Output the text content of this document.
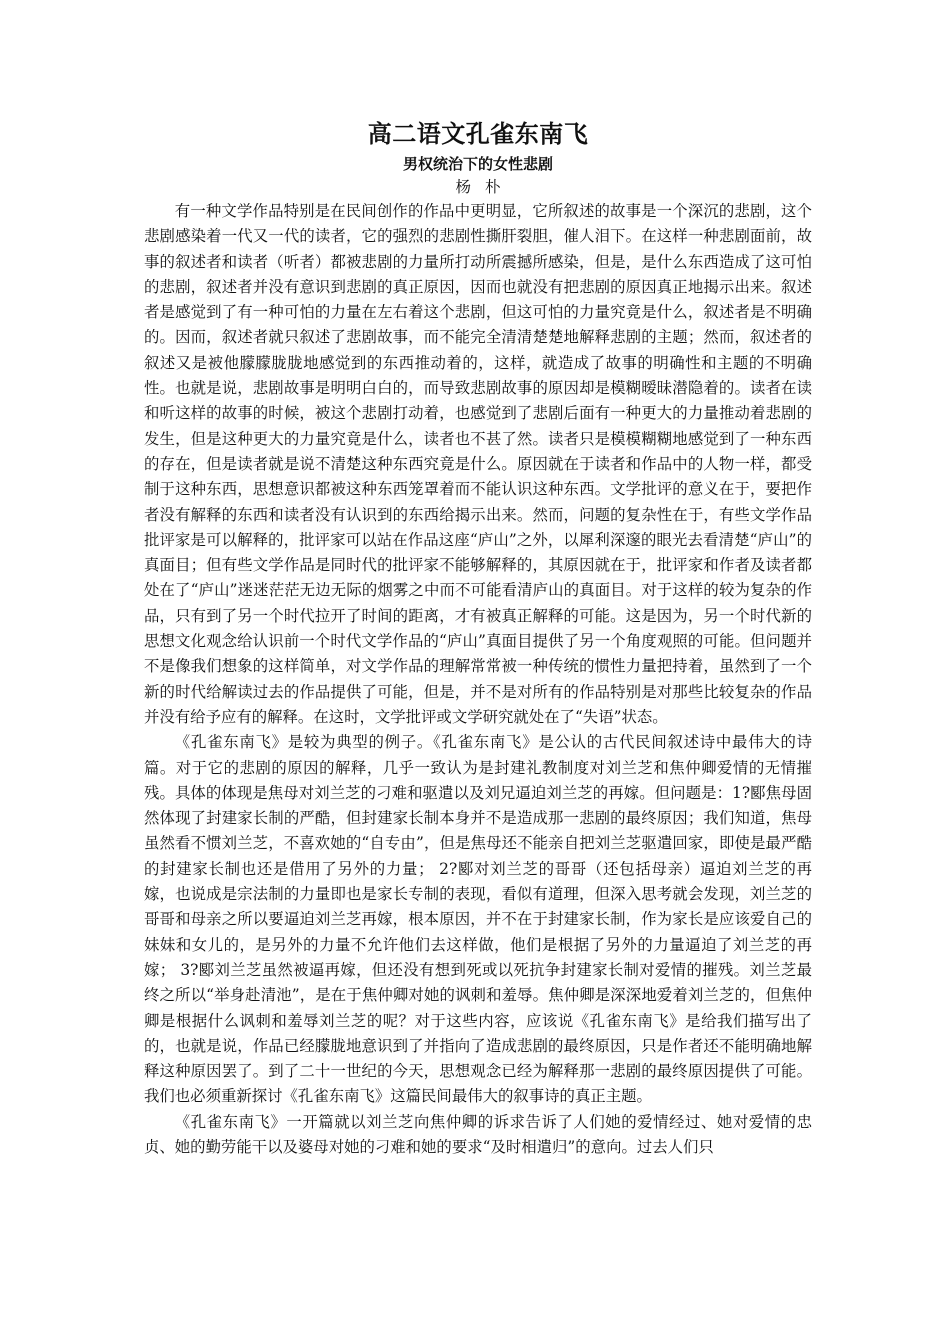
高二语文孔雀东南飞
男权统治下的女性悲剧
杨朴

有一种文学作品特别是在民间创作的作品中更明显，它所叙述的故事是一个深沉的悲剧，这个悲剧感染着一代又一代的读者，它的强烈的悲剧性撕肝裂胆，催人泪下。在这样一种悲剧面前，故事的叙述者和读者（听者）都被悲剧的力量所打动所震撼所感染，但是，是什么东西造成了这可怕的悲剧，叙述者并没有意识到悲剧的真正原因，因而也就没有把悲剧的原因真正地揭示出来。叙述者是感觉到了有一种可怕的力量在左右着这个悲剧，但这可怕的力量究竟是什么，叙述者是不明确的。因而，叙述者就只叙述了悲剧故事，而不能完全清清楚楚地解释悲剧的主题；然而，叙述者的叙述又是被他朦朦胧胧地感觉到的东西推动着的，这样，就造成了故事的明确性和主题的不明确性。也就是说，悲剧故事是明明白白的，而导致悲剧故事的原因却是模糊暧昧潜隐着的。读者在读和听这样的故事的时候，被这个悲剧打动着，也感觉到了悲剧后面有一种更大的力量推动着悲剧的发生，但是这种更大的力量究竟是什么，读者也不甚了然。读者只是模模糊糊地感觉到了一种东西的存在，但是读者就是说不清楚这种东西究竟是什么。原因就在于读者和作品中的人物一样，都受制于这种东西，思想意识都被这种东西笼罩着而不能认识这种东西。文学批评的意义在于，要把作者没有解释的东西和读者没有认识到的东西给揭示出来。然而，问题的复杂性在于，有些文学作品批评家是可以解释的，批评家可以站在作品这座“庐山”之外，以犀利深邃的眼光去看清楚“庐山”的真面目；但有些文学作品是同时代的批评家不能够解释的，其原因就在于，批评家和作者及读者都处在了“庐山”迷迷茫茫无边无际的烟雾之中而不可能看清庐山的真面目。对于这样的较为复杂的作品，只有到了另一个时代拉开了时间的距离，才有被真正解释的可能。这是因为，另一个时代新的思想文化观念给认识前一个时代文学作品的“庐山”真面目提供了另一个角度观照的可能。但问题并不是像我们想象的这样简单，对文学作品的理解常常被一种传统的惯性力量把持着，虽然到了一个新的时代给解读过去的作品提供了可能，但是，并不是对所有的作品特别是对那些比较复杂的作品并没有给予应有的解释。在这时，文学批评或文学研究就处在了“失语”状态。

《孔雀东南飞》是较为典型的例子。《孔雀东南飞》是公认的古代民间叙述诗中最伟大的诗篇。对于它的悲剧的原因的解释，几乎一致认为是封建礼教制度对刘兰芝和焦仲卿爱情的无情摧残。具体的体现是焦母对刘兰芝的刁难和驱遣以及刘兄逼迫刘兰芝的再嫁。但问题是：1?郾焦母固然体现了封建家长制的严酷，但封建家长制本身并不是造成那一悲剧的最终原因；我们知道，焦母虽然看不惯刘兰芝，不喜欢她的“自专由”，但是焦母还不能亲自把刘兰芝驱遣回家，即使是最严酷的封建家长制也还是借用了另外的力量； 2?郾对刘兰芝的哥哥（还包括母亲）逼迫刘兰芝的再嫁，也说成是宗法制的力量即也是家长专制的表现，看似有道理，但深入思考就会发现，刘兰芝的哥哥和母亲之所以要逼迫刘兰芝再嫁，根本原因，并不在于封建家长制，作为家长是应该爱自己的妹妹和女儿的，是另外的力量不允许他们去这样做，他们是根据了另外的力量逼迫了刘兰芝的再嫁； 3?郾刘兰芝虽然被逼再嫁，但还没有想到死或以死抗争封建家长制对爱情的摧残。刘兰芝最终之所以“举身赴清池”，是在于焦仲卿对她的讽刺和羞辱。焦仲卿是深深地爱着刘兰芝的，但焦仲卿是根据什么讽刺和羞辱刘兰芝的呢？对于这些内容，应该说《孔雀东南飞》是给我们描写出了的，也就是说，作品已经朦胧地意识到了并指向了造成悲剧的最终原因，只是作者还不能明确地解释这种原因罢了。到了二十一世纪的今天，思想观念已经为解释那一悲剧的最终原因提供了可能。我们也必须重新探讨《孔雀东南飞》这篇民间最伟大的叙事诗的真正主题。

《孔雀东南飞》一开篇就以刘兰芝向焦仲卿的诉求告诉了人们她的爱情经过、她对爱情的忠贞、她的勤劳能干以及婆母对她的刁难和她的要求“及时相遣归”的意向。过去人们只
